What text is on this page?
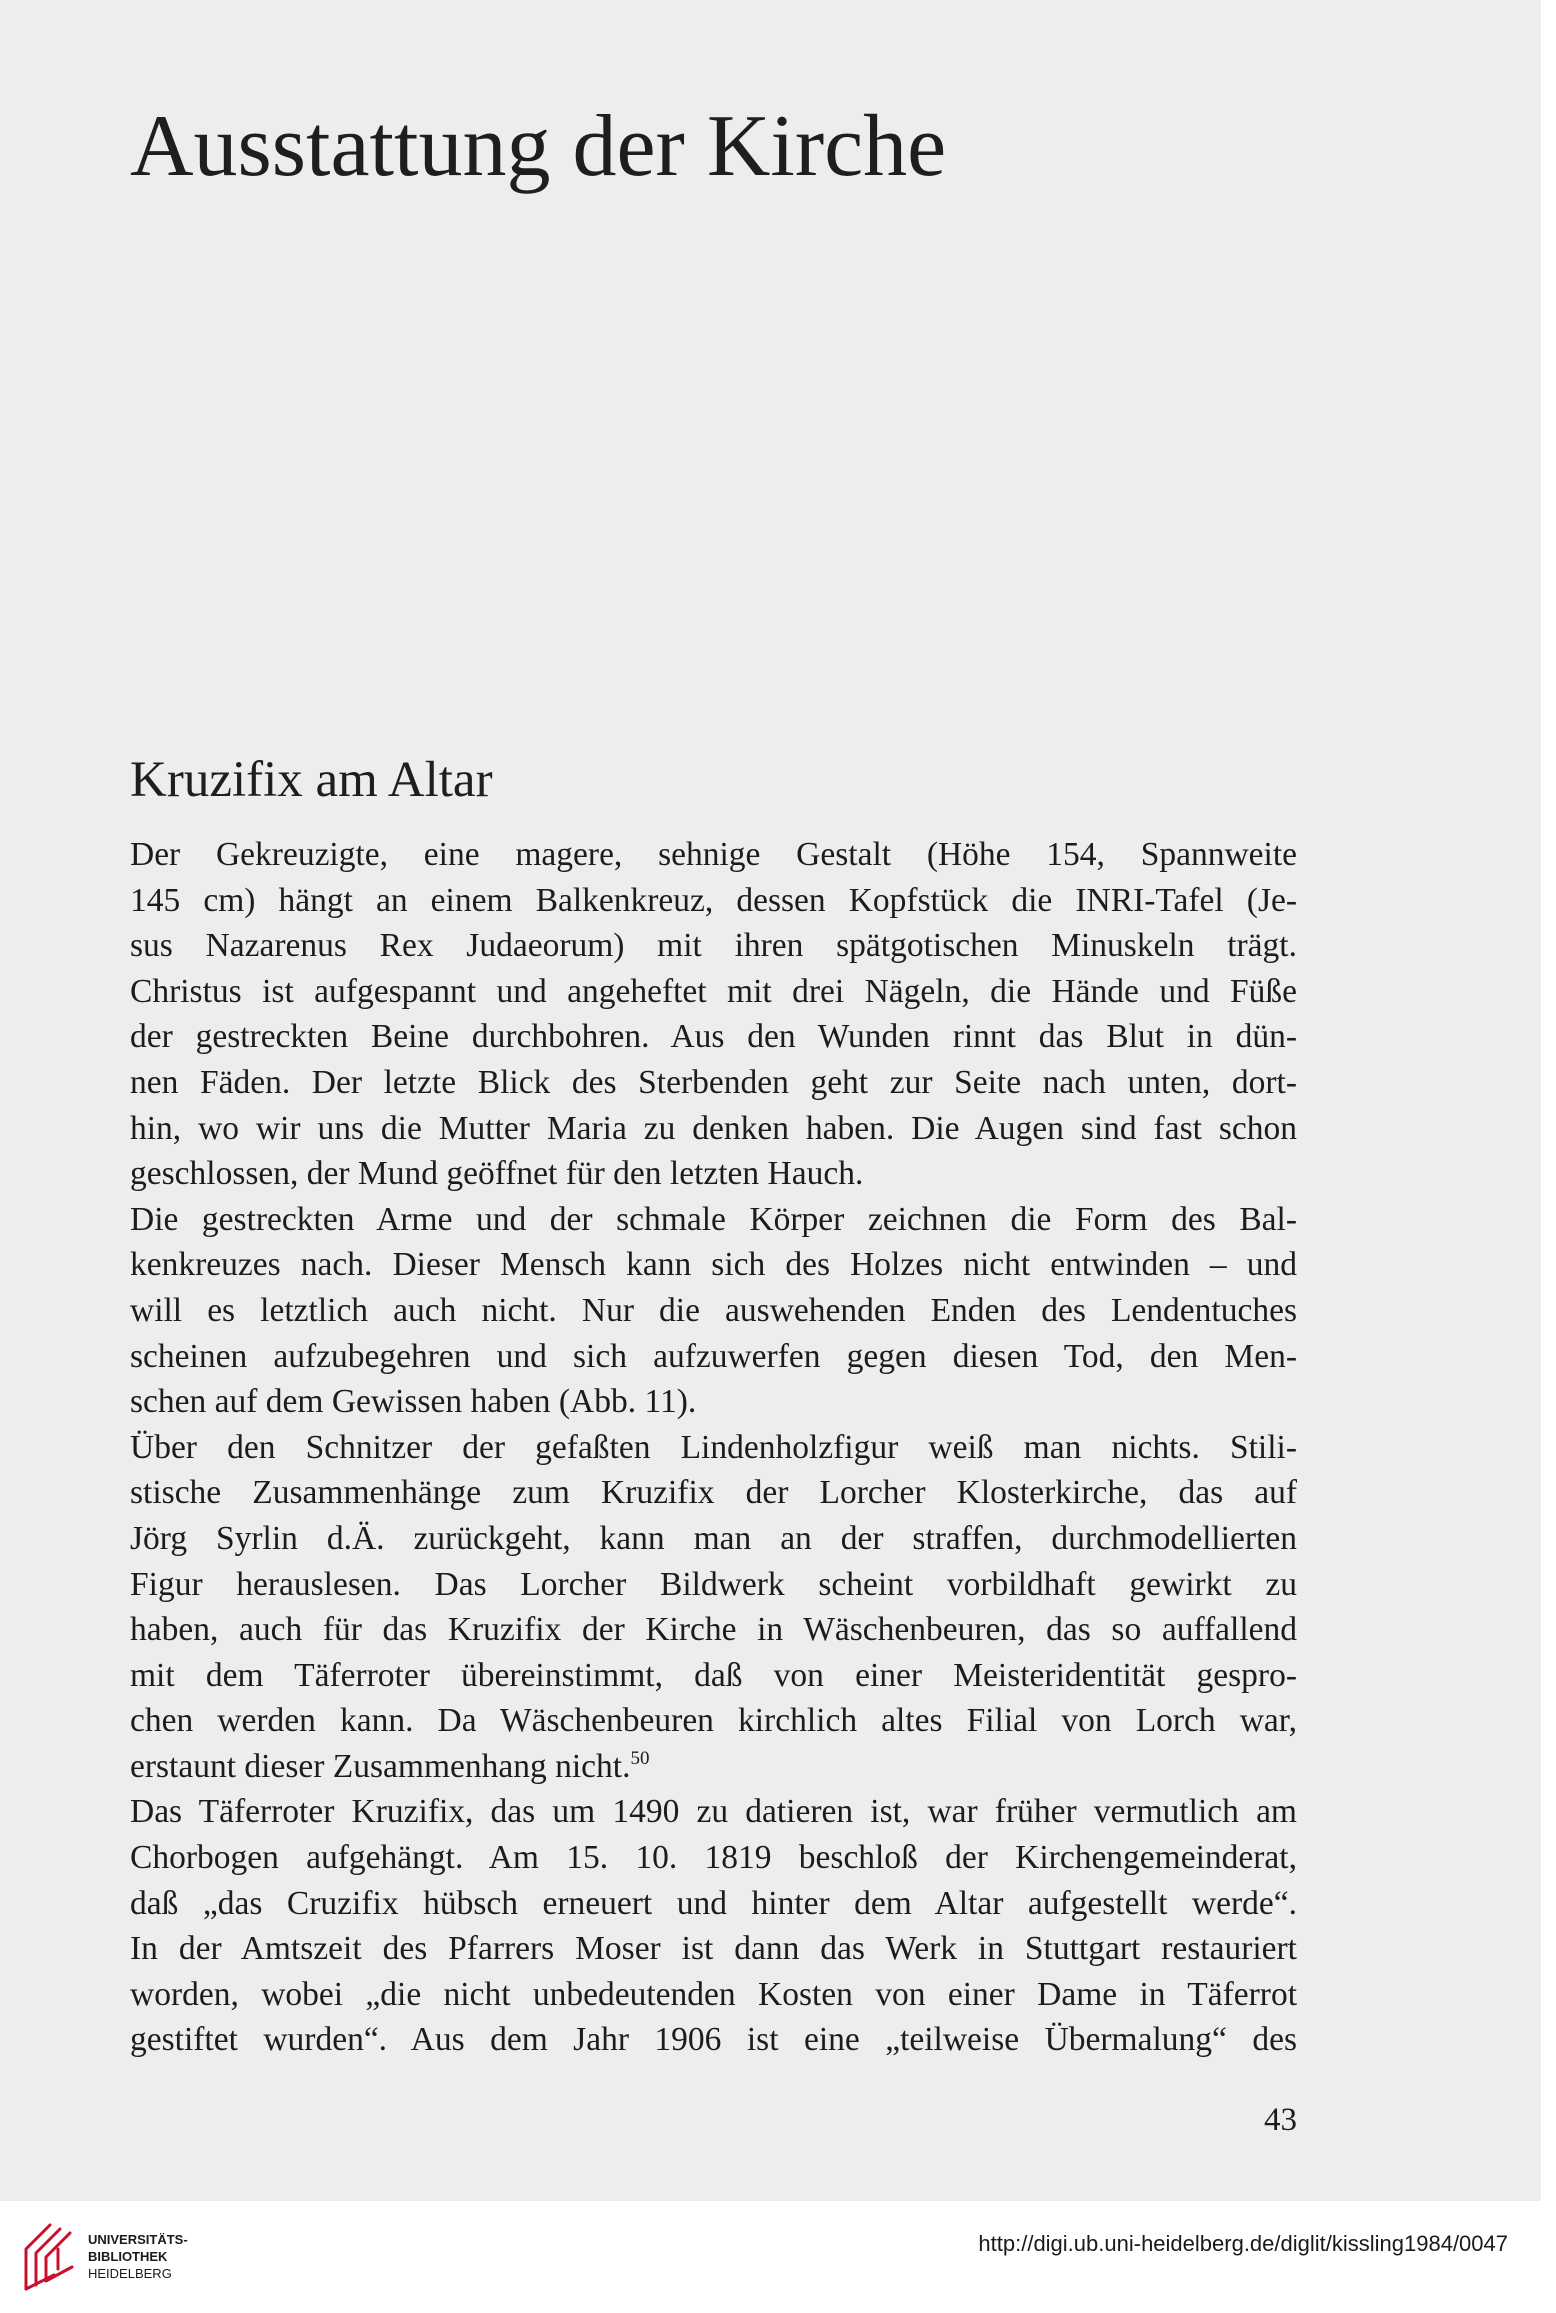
Ausstattung der Kirche
Kruzifix am Altar

Der Gekreuzigte, eine magere, sehnige Gestalt (Höhe 154, Spannweite
145 cm) hängt an einem Balkenkreuz, dessen Kopfstück die INRI-Tafel (Je-
sus Nazarenus Rex Judaeorum) mit ihren spätgotischen Minuskeln trägt.
Christus ist aufgespannt und angeheftet mit drei Nägeln, die Hände und Füße
der gestreckten Beine durchbohren. Aus den Wunden rinnt das Blut in dün-
nen Fäden. Der letzte Blick des Sterbenden geht zur Seite nach unten, dort-
hin, wo wir uns die Mutter Maria zu denken haben. Die Augen sind fast schon
geschlossen, der Mund geöffnet für den letzten Hauch.

Die gestreckten Arme und der schmale Körper zeichnen die Form des Bal-
kenkreuzes nach. Dieser Mensch kann sich des Holzes nicht entwinden – und
will es letztlich auch nicht. Nur die auswehenden Enden des Lendentuches
scheinen aufzubegehren und sich aufzuwerfen gegen diesen Tod, den Men-
schen auf dem Gewissen haben (Abb. 11).

Über den Schnitzer der gefaßten Lindenholzfigur weiß man nichts. Stili-
stische Zusammenhänge zum Kruzifix der Lorcher Klosterkirche, das auf
Jörg Syrlin d.Ä. zurückgeht, kann man an der straffen, durchmodellierten
Figur herauslesen. Das Lorcher Bildwerk scheint vorbildhaft gewirkt zu
haben, auch für das Kruzifix der Kirche in Wäschenbeuren, das so auffallend
mit dem Täferroter übereinstimmt, daß von einer Meisteridentität gespro-
chen werden kann. Da Wäschenbeuren kirchlich altes Filial von Lorch war,
erstaunt dieser Zusammenhang nicht.$^{50}$

Das Täferroter Kruzifix, das um 1490 zu datieren ist, war früher vermutlich am
Chorbogen aufgehängt. Am 15. 10. 1819 beschloß der Kirchengemeinderat,
daß „das Cruzifix hübsch erneuert und hinter dem Altar aufgestellt werde“.
In der Amtszeit des Pfarrers Moser ist dann das Werk in Stuttgart restauriert
worden, wobei „die nicht unbedeutenden Kosten von einer Dame in Täferrot
gestiftet wurden“. Aus dem Jahr 1906 ist eine „teilweise Übermalung“ des

43
UNIVERSITÄTS-
BIBLIOTHEK
HEIDELBERG
http://digi.ub.uni-heidelberg.de/diglit/kissling1984/0047
